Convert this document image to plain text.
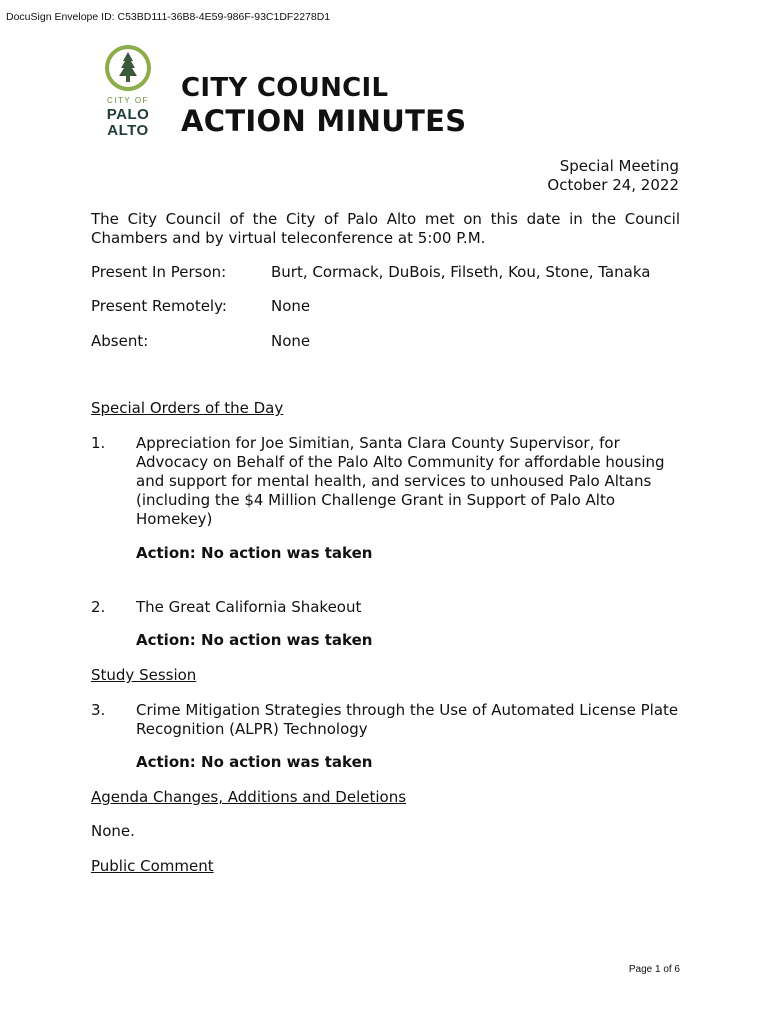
DocuSign Envelope ID: C53BD111-36B8-4E59-986F-93C1DF2278D1
CITY OF
PALO
ALTO
CITY COUNCIL
ACTION MINUTES
Special Meeting
October 24, 2022

The City Council of the City of Palo Alto met on this date in the Council Chambers and by virtual teleconference at 5:00 P.M.

Present In Person:	Burt, Cormack, DuBois, Filseth, Kou, Stone, Tanaka
Present Remotely:	None
Absent:	None
Special Orders of the Day
1. Appreciation for Joe Simitian, Santa Clara County Supervisor, for Advocacy on Behalf of the Palo Alto Community for affordable housing and support for mental health, and services to unhoused Palo Altans (including the $4 Million Challenge Grant in Support of Palo Alto Homekey)
Action: No action was taken
2. The Great California Shakeout
Action: No action was taken
Study Session
3. Crime Mitigation Strategies through the Use of Automated License Plate Recognition (ALPR) Technology
Action: No action was taken
Agenda Changes, Additions and Deletions
None.
Public Comment
Page 1 of 6
